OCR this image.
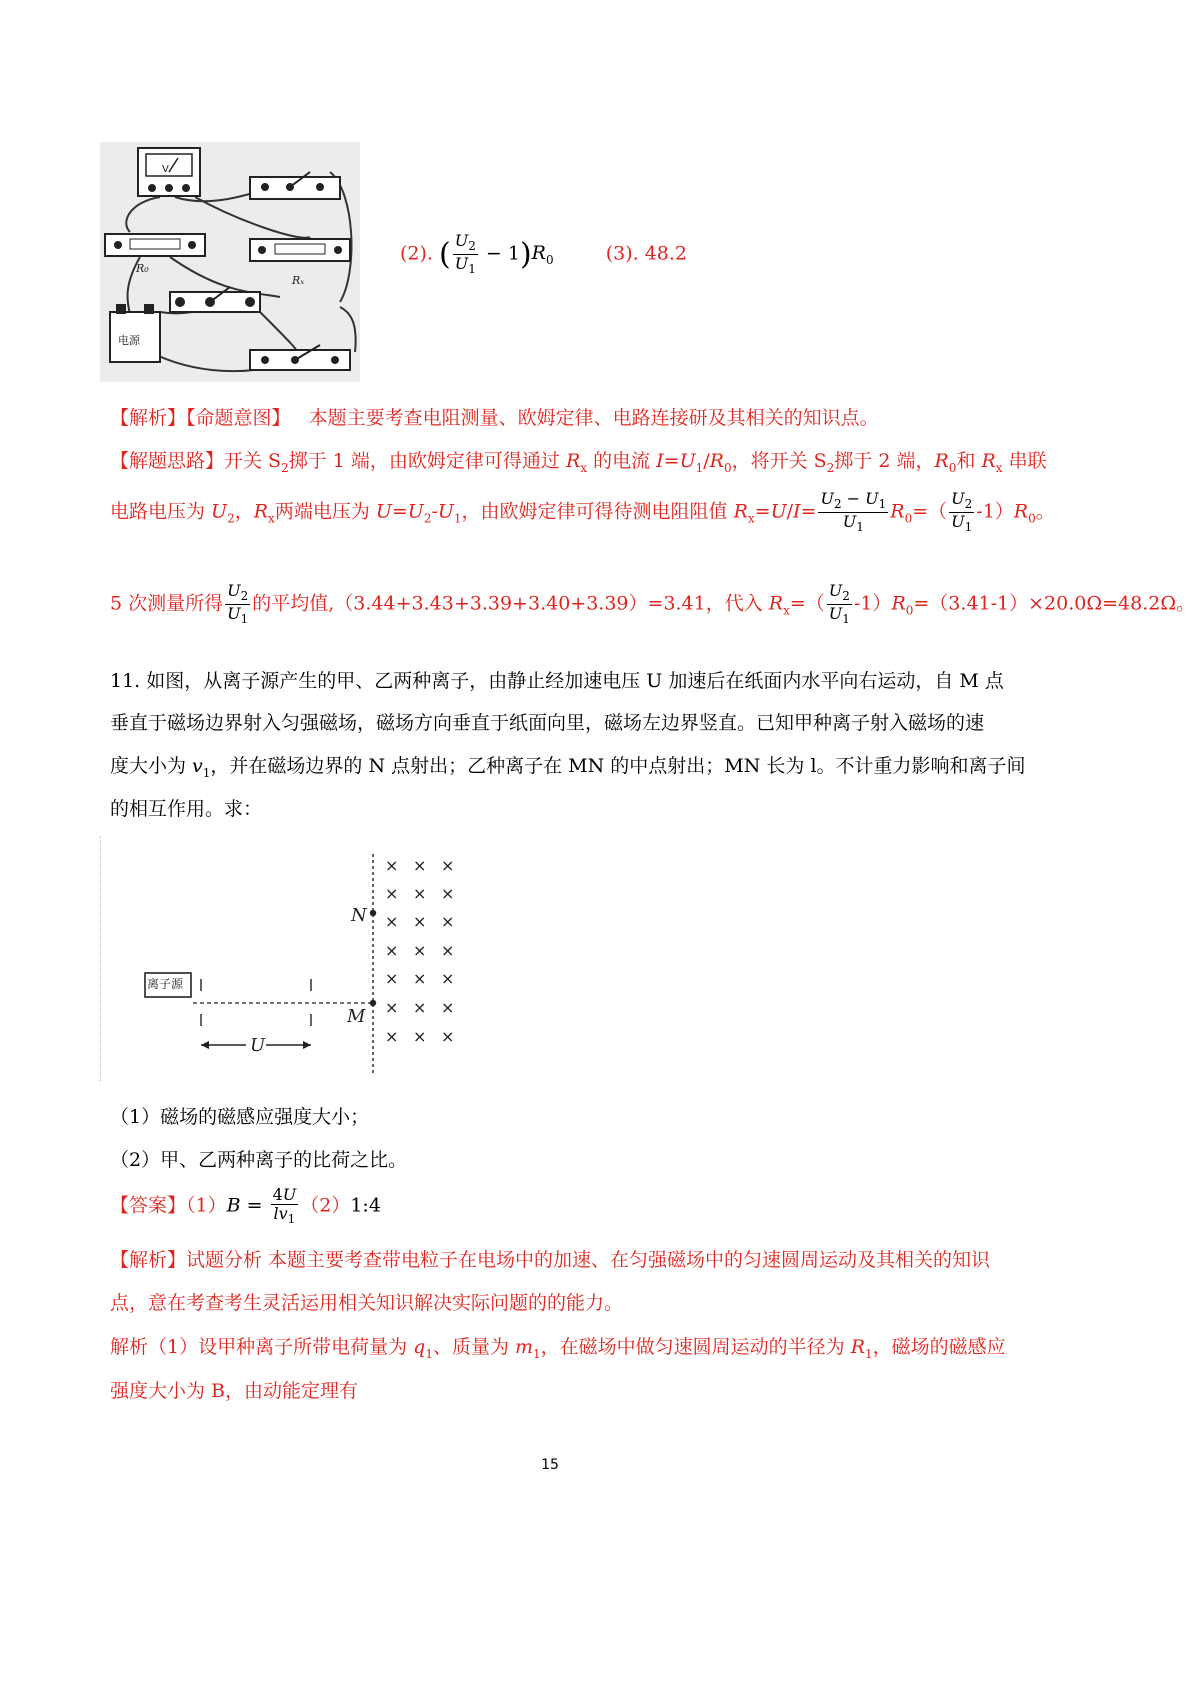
V
R₀
Rₓ
电源
(2). ( $\frac{U_2}{U_1} - 1)R_0$	(3). 48.2
【解析】【命题意图】 本题主要考查电阻测量、欧姆定律、电路连接研及其相关的知识点。
【解题思路】开关 $S_2$掷于 1 端，由欧姆定律可得通过 $R_x$ 的电流 $I=U_1/R_0$，将开关 $S_2$掷于 2 端，$R_0$和 $R_x$ 串联
电路电压为 $U_2$，$R_x$两端电压为 $U=U_2-U_1$，由欧姆定律可得待测电阻阻值 $R_x=U/I= \frac{U_2 - U_1}{U_1} R_0=( \frac{U_2}{U_1} -1)R_0$。
5 次测量所得 $\frac{U_2}{U_1}$ 的平均值,（3.44+3.43+3.39+3.40+3.39）=3.41，代入 $R_x=( \frac{U_2}{U_1} -1)R_0=(3.41-1)\times 20.0\Omega=48.2\Omega$。
11. 如图，从离子源产生的甲、乙两种离子，由静止经加速电压 U 加速后在纸面内水平向右运动，自 M 点
垂直于磁场边界射入匀强磁场，磁场方向垂直于纸面向里，磁场左边界竖直。已知甲种离子射入磁场的速
度大小为 $v_1$，并在磁场边界的 N 点射出；乙种离子在 MN 的中点射出；MN 长为 l。不计重力影响和离子间
的相互作用。求：
离子源
U
N
M
× × ×
× × ×
× × ×
× × ×
× × ×
× × ×
× × ×
（1）磁场的磁感应强度大小；
（2）甲、乙两种离子的比荷之比。
【答案】$(1)B = \frac{4U}{lv_1}$ （2）1:4
【解析】试题分析 本题主要考查带电粒子在电场中的加速、在匀强磁场中的匀速圆周运动及其相关的知识
点，意在考查考生灵活运用相关知识解决实际问题的的能力。
解析（1）设甲种离子所带电荷量为 $q_1$、质量为 $m_1$，在磁场中做匀速圆周运动的半径为 $R_1$，磁场的磁感应
强度大小为 B，由动能定理有
15
